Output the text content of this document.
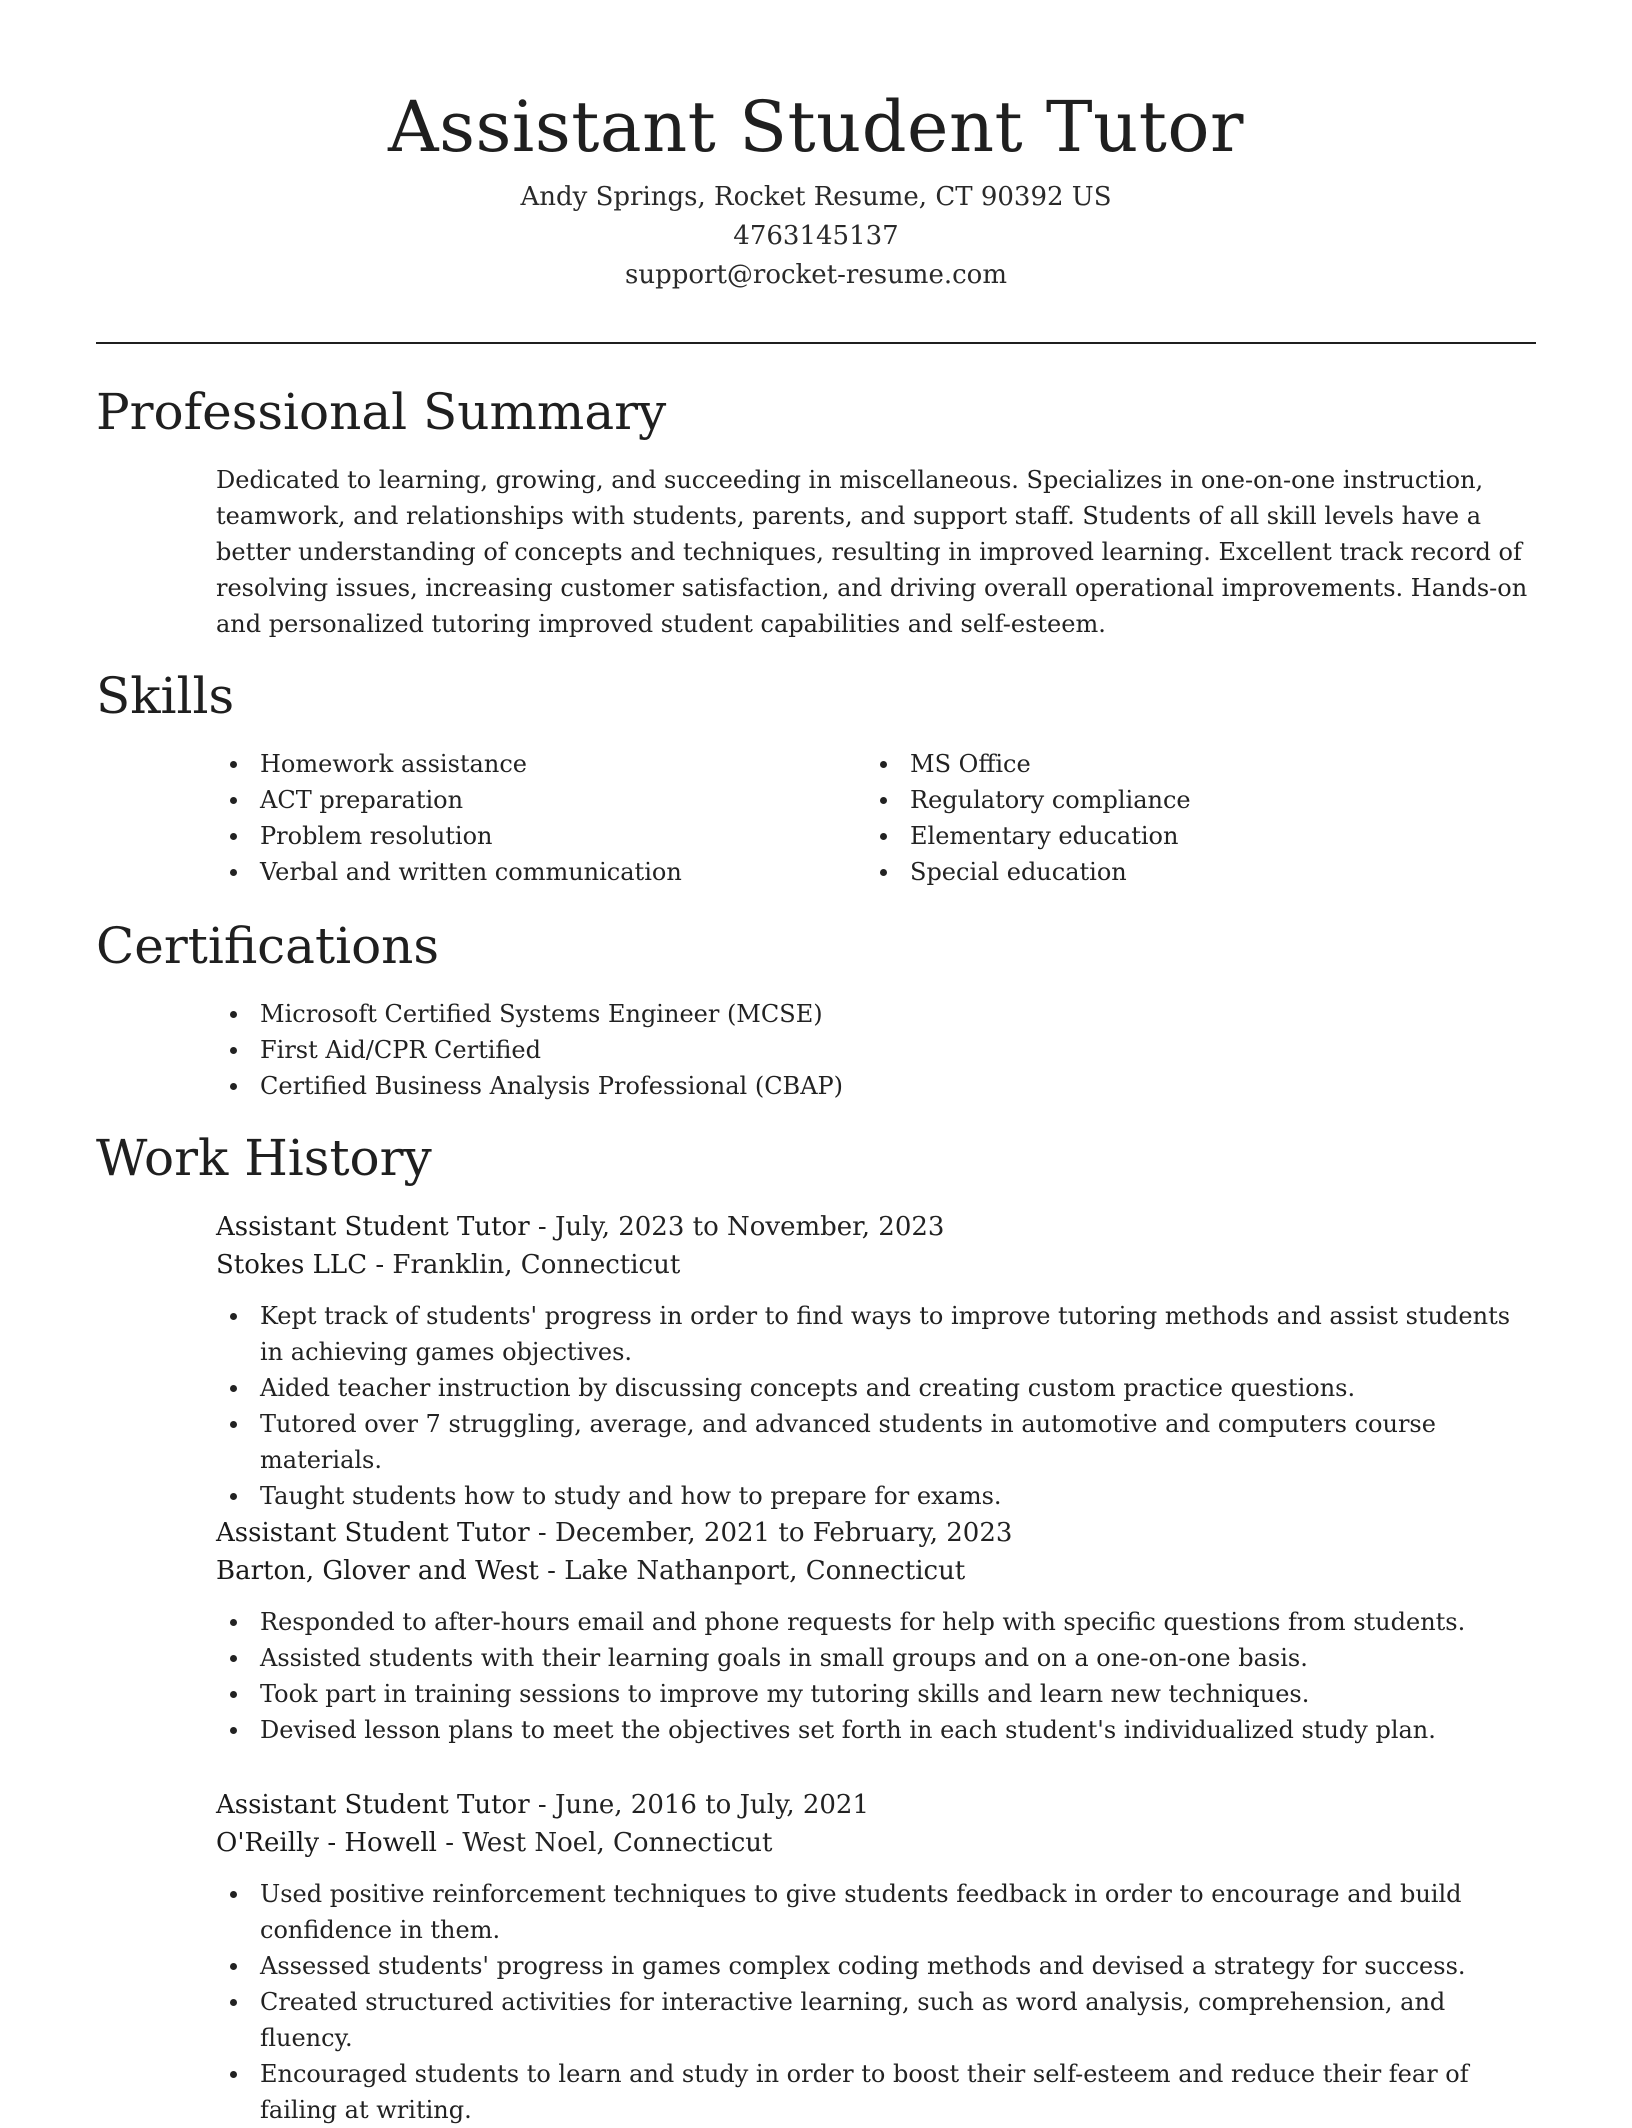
Assistant Student Tutor
Andy Springs, Rocket Resume, CT 90392 US
4763145137
support@rocket-resume.com
Professional Summary

Dedicated to learning, growing, and succeeding in miscellaneous. Specializes in one-on-one instruction, teamwork, and relationships with students, parents, and support staff. Students of all skill levels have a better understanding of concepts and techniques, resulting in improved learning. Excellent track record of resolving issues, increasing customer satisfaction, and driving overall operational improvements. Hands-on and personalized tutoring improved student capabilities and self-esteem.

Skills
Homework assistance
ACT preparation
Problem resolution
Verbal and written communication
MS Office
Regulatory compliance
Elementary education
Special education
Certifications
Microsoft Certified Systems Engineer (MCSE)
First Aid/CPR Certified
Certified Business Analysis Professional (CBAP)
Work History
Assistant Student Tutor - July, 2023 to November, 2023
Stokes LLC - Franklin, Connecticut
Kept track of students' progress in order to find ways to improve tutoring methods and assist students in achieving games objectives.
Aided teacher instruction by discussing concepts and creating custom practice questions.
Tutored over 7 struggling, average, and advanced students in automotive and computers course materials.
Taught students how to study and how to prepare for exams.
Assistant Student Tutor - December, 2021 to February, 2023
Barton, Glover and West - Lake Nathanport, Connecticut
Responded to after-hours email and phone requests for help with specific questions from students.
Assisted students with their learning goals in small groups and on a one-on-one basis.
Took part in training sessions to improve my tutoring skills and learn new techniques.
Devised lesson plans to meet the objectives set forth in each student's individualized study plan.
Assistant Student Tutor - June, 2016 to July, 2021
O'Reilly - Howell - West Noel, Connecticut
Used positive reinforcement techniques to give students feedback in order to encourage and build confidence in them.
Assessed students' progress in games complex coding methods and devised a strategy for success.
Created structured activities for interactive learning, such as word analysis, comprehension, and fluency.
Encouraged students to learn and study in order to boost their self-esteem and reduce their fear of failing at writing.
